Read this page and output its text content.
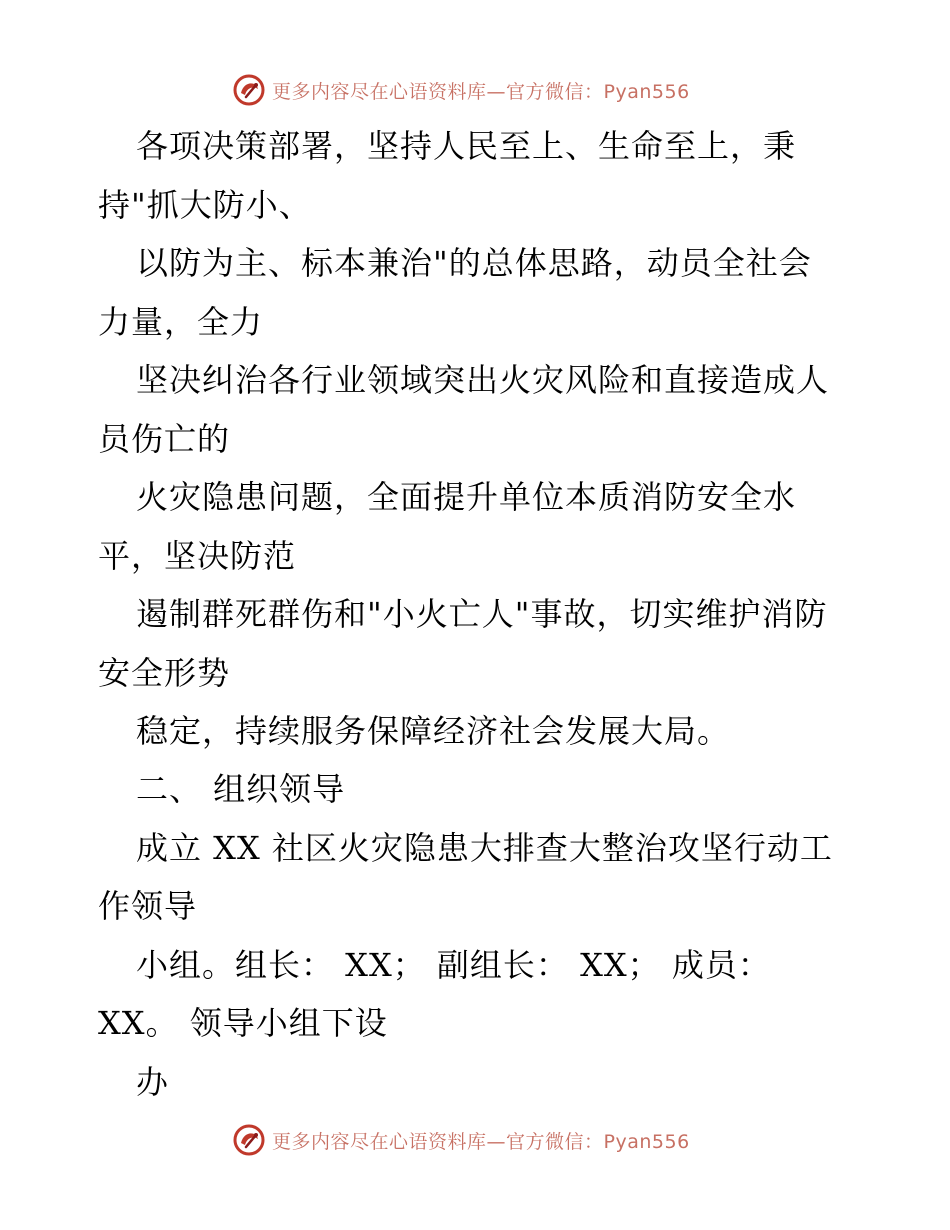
更多内容尽在心语资料库—官方微信：Pyan556
各项决策部署，坚持人民至上、生命至上，秉
持"抓大防小、
以防为主、标本兼治"的总体思路，动员全社会
力量，全力
坚决纠治各行业领域突出火灾风险和直接造成人
员伤亡的
火灾隐患问题，全面提升单位本质消防安全水
平，坚决防范
遏制群死群伤和"小火亡人"事故，切实维护消防
安全形势
稳定，持续服务保障经济社会发展大局。
二、 组织领导
成立 XX 社区火灾隐患大排查大整治攻坚行动工
作领导
小组。组长： XX； 副组长： XX； 成员：
XX。 领导小组下设
办
更多内容尽在心语资料库—官方微信：Pyan556
